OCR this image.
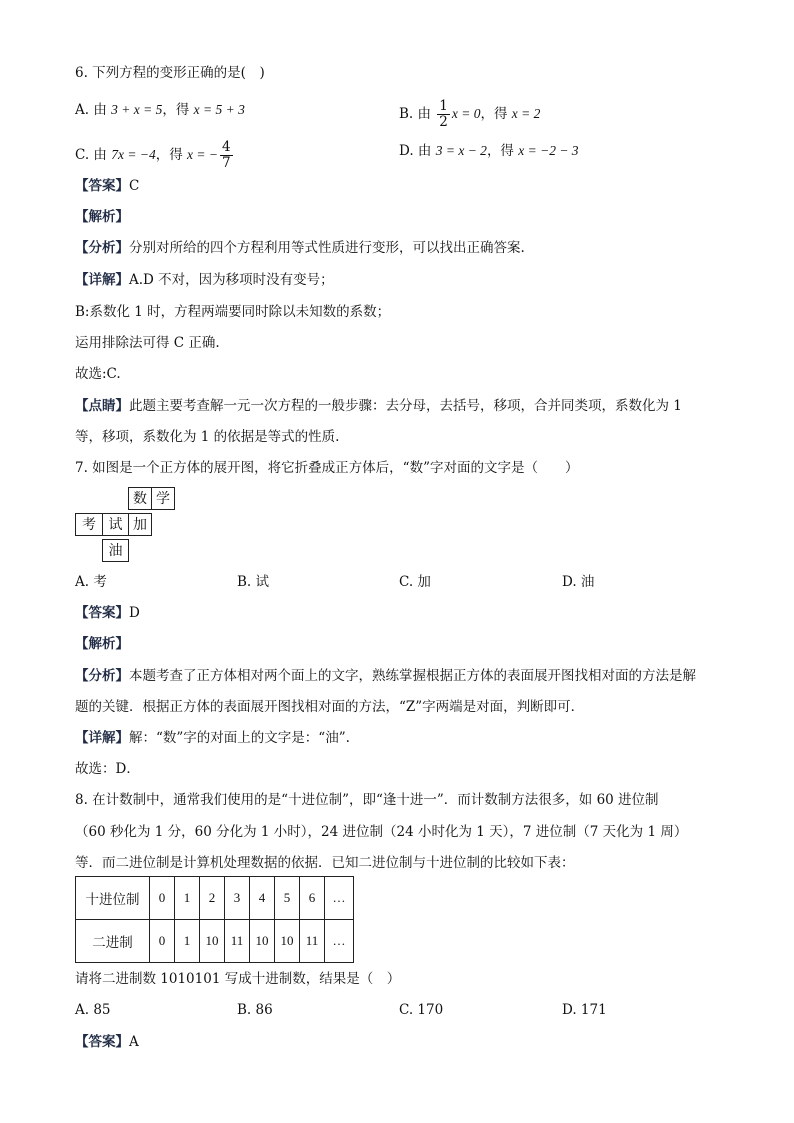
6. 下列方程的变形正确的是(　)
A. 由 3 + x = 5，得 x = 5 + 3	B. 由 $\frac{1}{2}$ x = 0，得 x = 2
C. 由 7x = −4，得 x = − $\frac{4}{7}$	D. 由 3 = x − 2，得 x = −2 − 3
【答案】C
【解析】
【分析】分别对所给的四个方程利用等式性质进行变形，可以找出正确答案.
【详解】A.D 不对，因为移项时没有变号；
B:系数化 1 时，方程两端要同时除以未知数的系数；
运用排除法可得 C 正确.
故选:C.
【点睛】此题主要考查解一元一次方程的一般步骤：去分母，去括号，移项，合并同类项，系数化为 1
等，移项，系数化为 1 的依据是等式的性质.
7. 如图是一个正方体的展开图，将它折叠成正方体后，“数”字对面的文字是（　　）
数 学
考 试 加
油
A. 考	B. 试	C. 加	D. 油
【答案】D
【解析】
【分析】本题考查了正方体相对两个面上的文字，熟练掌握根据正方体的表面展开图找相对面的方法是解
题的关键．根据正方体的表面展开图找相对面的方法，“Z”字两端是对面，判断即可．
【详解】解：“数”字的对面上的文字是：“油”.
故选：D．
8. 在计数制中，通常我们使用的是“十进位制”，即“逢十进一”．而计数制方法很多，如 60 进位制
（60 秒化为 1 分，60 分化为 1 小时），24 进位制（24 小时化为 1 天），7 进位制（7 天化为 1 周）
等．而二进位制是计算机处理数据的依据．已知二进位制与十进位制的比较如下表：
十进位制	0	1	2	3	4	5	6	…
二进制	0	1	10	11	10	10	11	…
请将二进制数 1010101 写成十进制数，结果是（　）
A. 85	B. 86	C. 170	D. 171
【答案】A
